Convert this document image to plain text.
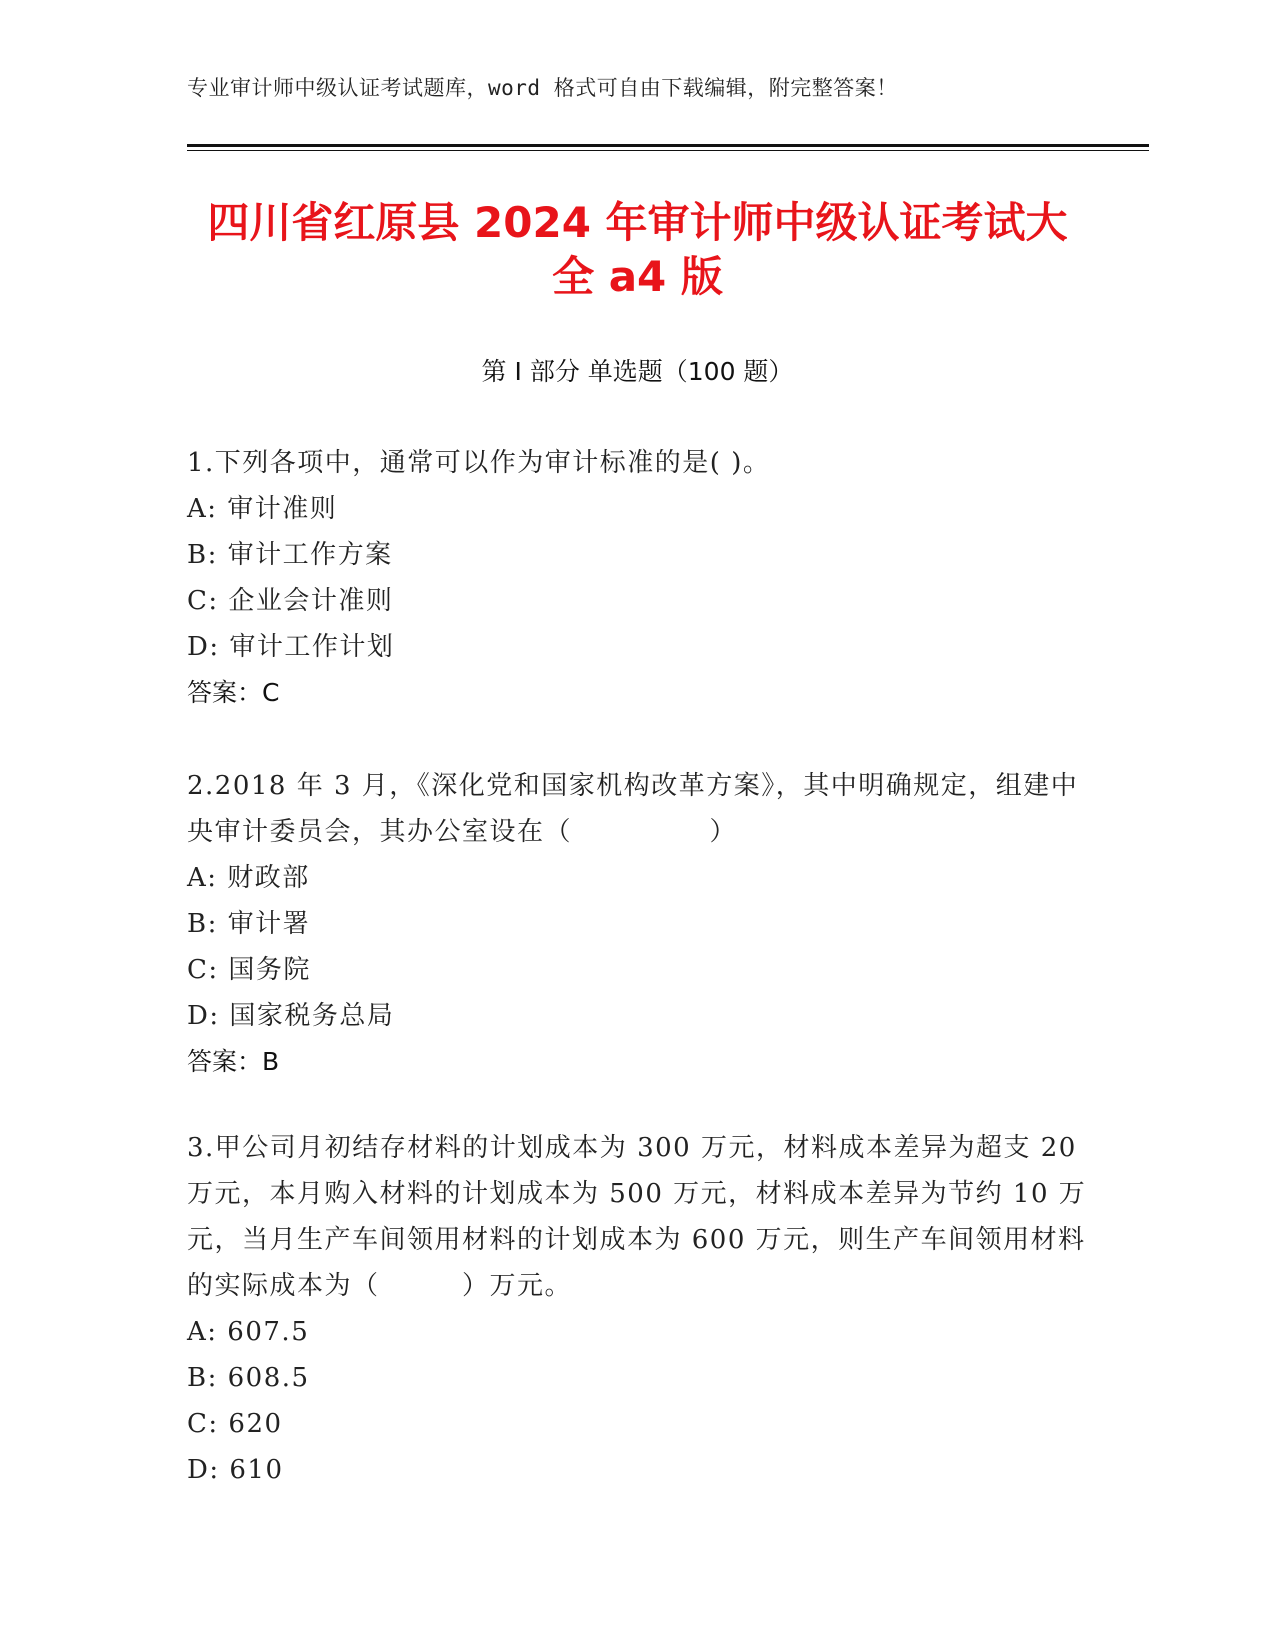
专业审计师中级认证考试题库，word 格式可自由下载编辑，附完整答案！
四川省红原县 2024 年审计师中级认证考试大
全 a4 版
第 I 部分 单选题（100 题）

1.下列各项中，通常可以作为审计标准的是( )。

A: 审计准则

B: 审计工作方案

C: 企业会计准则

D: 审计工作计划

答案：C

2.2018 年 3 月，《深化党和国家机构改革方案》，其中明确规定，组建中央审计委员会，其办公室设在（　　　　　）

A: 财政部

B: 审计署

C: 国务院

D: 国家税务总局

答案：B

3.甲公司月初结存材料的计划成本为 300 万元，材料成本差异为超支 20 万元，本月购入材料的计划成本为 500 万元，材料成本差异为节约 10 万元，当月生产车间领用材料的计划成本为 600 万元，则生产车间领用材料的实际成本为（　　　）万元。

A: 607.5

B: 608.5

C: 620

D: 610
